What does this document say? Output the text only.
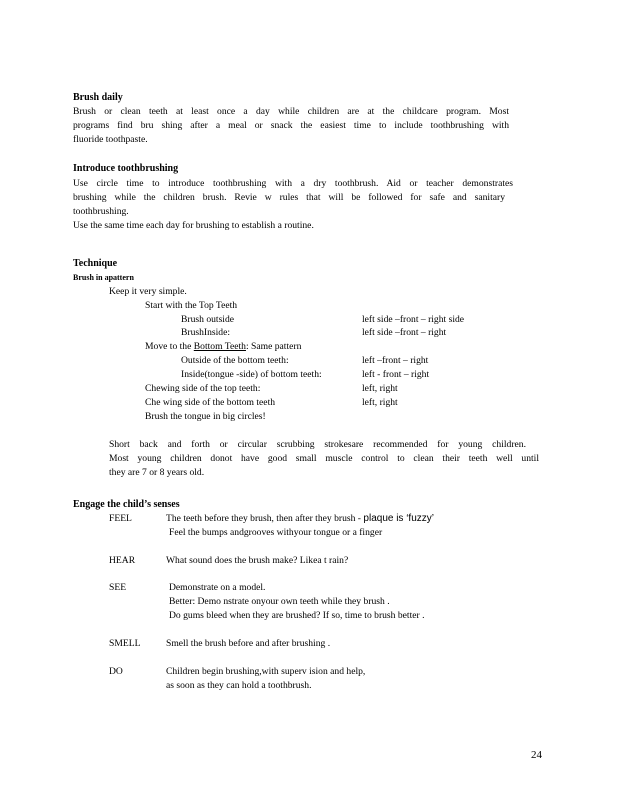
Brush daily
Brush or clean teeth at least once a day while children are at the childcare program. Most
programs find bru shing after a meal or snack the easiest time to include toothbrushing with
fluoride toothpaste.
Introduce toothbrushing
Use circle time to introduce toothbrushing with a dry toothbrush. Aid or teacher demonstrates
brushing while the children brush. Revie w rules that will be followed for safe and sanitary
toothbrushing.
Use the same time each day for brushing to establish a routine.
Technique
Brush in apattern
Keep it very simple.
Start with the Top Teeth
Brush outside	left side –front – right side
BrushInside:	left side –front – right
Move to the Bottom Teeth: Same pattern
Outside of the bottom teeth:	left –front – right
Inside(tongue -side) of bottom teeth:	left - front – right
Chewing side of the top teeth:	left, right
Che wing side of the bottom teeth	left, right
Brush the tongue in big circles!
Short back and forth or circular scrubbing strokesare recommended for young children.
Most young children donot have good small muscle control to clean their teeth well until
they are 7 or 8 years old.
Engage the child’s senses
FEEL	The teeth before they brush, then after they brush - plaque is ‘fuzzy’
Feel the bumps andgrooves withyour tongue or a finger
HEAR	What sound does the brush make? Likea t rain?
SEE	Demonstrate on a model.
Better: Demo nstrate onyour own teeth while they brush .
Do gums bleed when they are brushed? If so, time to brush better .
SMELL	Smell the brush before and after brushing .
DO	Children begin brushing,with superv ision and help,
as soon as they can hold a toothbrush.
24
